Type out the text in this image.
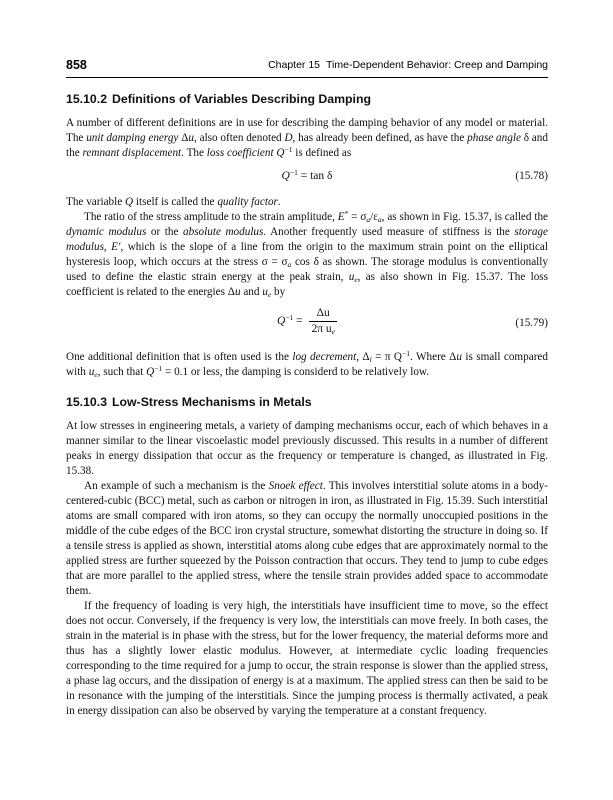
858	Chapter 15 Time-Dependent Behavior: Creep and Damping
15.10.2 Definitions of Variables Describing Damping

A number of different definitions are in use for describing the damping behavior of any model or material. The unit damping energy Δu, also often denoted D, has already been defined, as have the phase angle δ and the remnant displacement. The loss coefficient $Q^{-1}$ is defined as

$Q^{-1} = \tan \delta$	(15.78)

The variable Q itself is called the quality factor.

The ratio of the stress amplitude to the strain amplitude, $E^* = \sigma_a/\varepsilon_a$, as shown in Fig. 15.37, is called the dynamic modulus or the absolute modulus. Another frequently used measure of stiffness is the storage modulus, E′, which is the slope of a line from the origin to the maximum strain point on the elliptical hysteresis loop, which occurs at the stress $\sigma = \sigma_a$ cos δ as shown. The storage modulus is conventionally used to define the elastic strain energy at the peak strain, $u_e$, as also shown in Fig. 15.37. The loss coefficient is related to the energies Δu and $u_e$ by

$Q^{-1} = \frac{\Delta u}{2\pi u_e}$	(15.79)

One additional definition that is often used is the log decrement, $\Delta_l = \pi$ $Q^{-1}$. Where Δu is small compared with $u_e$, such that $Q^{-1} = 0.1$ or less, the damping is considerd to be relatively low.

15.10.3 Low-Stress Mechanisms in Metals

At low stresses in engineering metals, a variety of damping mechanisms occur, each of which behaves in a manner similar to the linear viscoelastic model previously discussed. This results in a number of different peaks in energy dissipation that occur as the frequency or temperature is changed, as illustrated in Fig. 15.38.

An example of such a mechanism is the Snoek effect. This involves interstitial solute atoms in a body-centered-cubic (BCC) metal, such as carbon or nitrogen in iron, as illustrated in Fig. 15.39. Such interstitial atoms are small compared with iron atoms, so they can occupy the normally unoccupied positions in the middle of the cube edges of the BCC iron crystal structure, somewhat distorting the structure in doing so. If a tensile stress is applied as shown, interstitial atoms along cube edges that are approximately normal to the applied stress are further squeezed by the Poisson contraction that occurs. They tend to jump to cube edges that are more parallel to the applied stress, where the tensile strain provides added space to accommodate them.

If the frequency of loading is very high, the interstitials have insufficient time to move, so the effect does not occur. Conversely, if the frequency is very low, the interstitials can move freely. In both cases, the strain in the material is in phase with the stress, but for the lower frequency, the material deforms more and thus has a slightly lower elastic modulus. However, at intermediate cyclic loading frequencies corresponding to the time required for a jump to occur, the strain response is slower than the applied stress, a phase lag occurs, and the dissipation of energy is at a maximum. The applied stress can then be said to be in resonance with the jumping of the interstitials. Since the jumping process is thermally activated, a peak in energy dissipation can also be observed by varying the temperature at a constant frequency.
